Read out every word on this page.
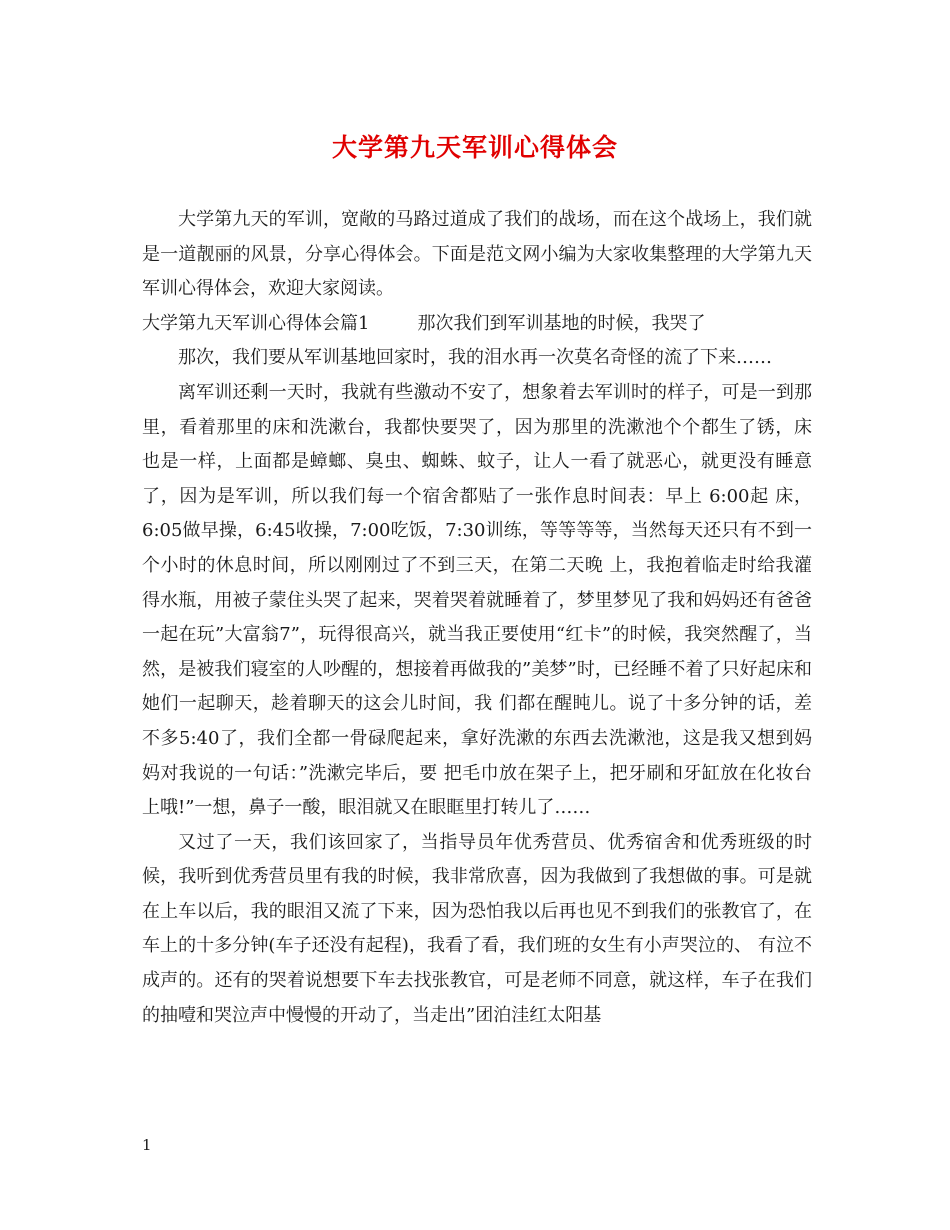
大学第九天军训心得体会

大学第九天的军训，宽敞的马路过道成了我们的战场，而在这个战场上，我们就是一道靓丽的风景，分享心得体会。下面是范文网小编为大家收集整理的大学第九天军训心得体会，欢迎大家阅读。

大学第九天军训心得体会篇1	那次我们到军训基地的时候，我哭了

那次，我们要从军训基地回家时，我的泪水再一次莫名奇怪的流了下来……

离军训还剩一天时，我就有些激动不安了，想象着去军训时的样子，可是一到那里，看着那里的床和洗漱台，我都快要哭了，因为那里的洗漱池个个都生了锈，床 也是一样，上面都是蟑螂、臭虫、蜘蛛、蚊子，让人一看了就恶心，就更没有睡意了，因为是军训，所以我们每一个宿舍都贴了一张作息时间表：早上 6:00起 床，6:05做早操，6:45收操，7:00吃饭，7:30训练，等等等等，当然每天还只有不到一个小时的休息时间，所以刚刚过了不到三天，在第二天晚 上，我抱着临走时给我灌得水瓶，用被子蒙住头哭了起来，哭着哭着就睡着了，梦里梦见了我和妈妈还有爸爸一起在玩”大富翁7”，玩得很高兴，就当我正要使用“红卡”的时候，我突然醒了，当然，是被我们寝室的人吵醒的，想接着再做我的”美梦”时，已经睡不着了只好起床和她们一起聊天，趁着聊天的这会儿时间，我 们都在醒盹儿。说了十多分钟的话，差不多5:40了，我们全都一骨碌爬起来，拿好洗漱的东西去洗漱池，这是我又想到妈妈对我说的一句话：”洗漱完毕后，要 把毛巾放在架子上，把牙刷和牙缸放在化妆台上哦!”一想，鼻子一酸，眼泪就又在眼眶里打转儿了……

又过了一天，我们该回家了，当指导员年优秀营员、优秀宿舍和优秀班级的时候，我听到优秀营员里有我的时候，我非常欣喜，因为我做到了我想做的事。可是就 在上车以后，我的眼泪又流了下来，因为恐怕我以后再也见不到我们的张教官了，在车上的十多分钟(车子还没有起程)，我看了看，我们班的女生有小声哭泣的、 有泣不成声的。还有的哭着说想要下车去找张教官，可是老师不同意，就这样，车子在我们的抽噎和哭泣声中慢慢的开动了，当走出”团泊洼红太阳基

1
